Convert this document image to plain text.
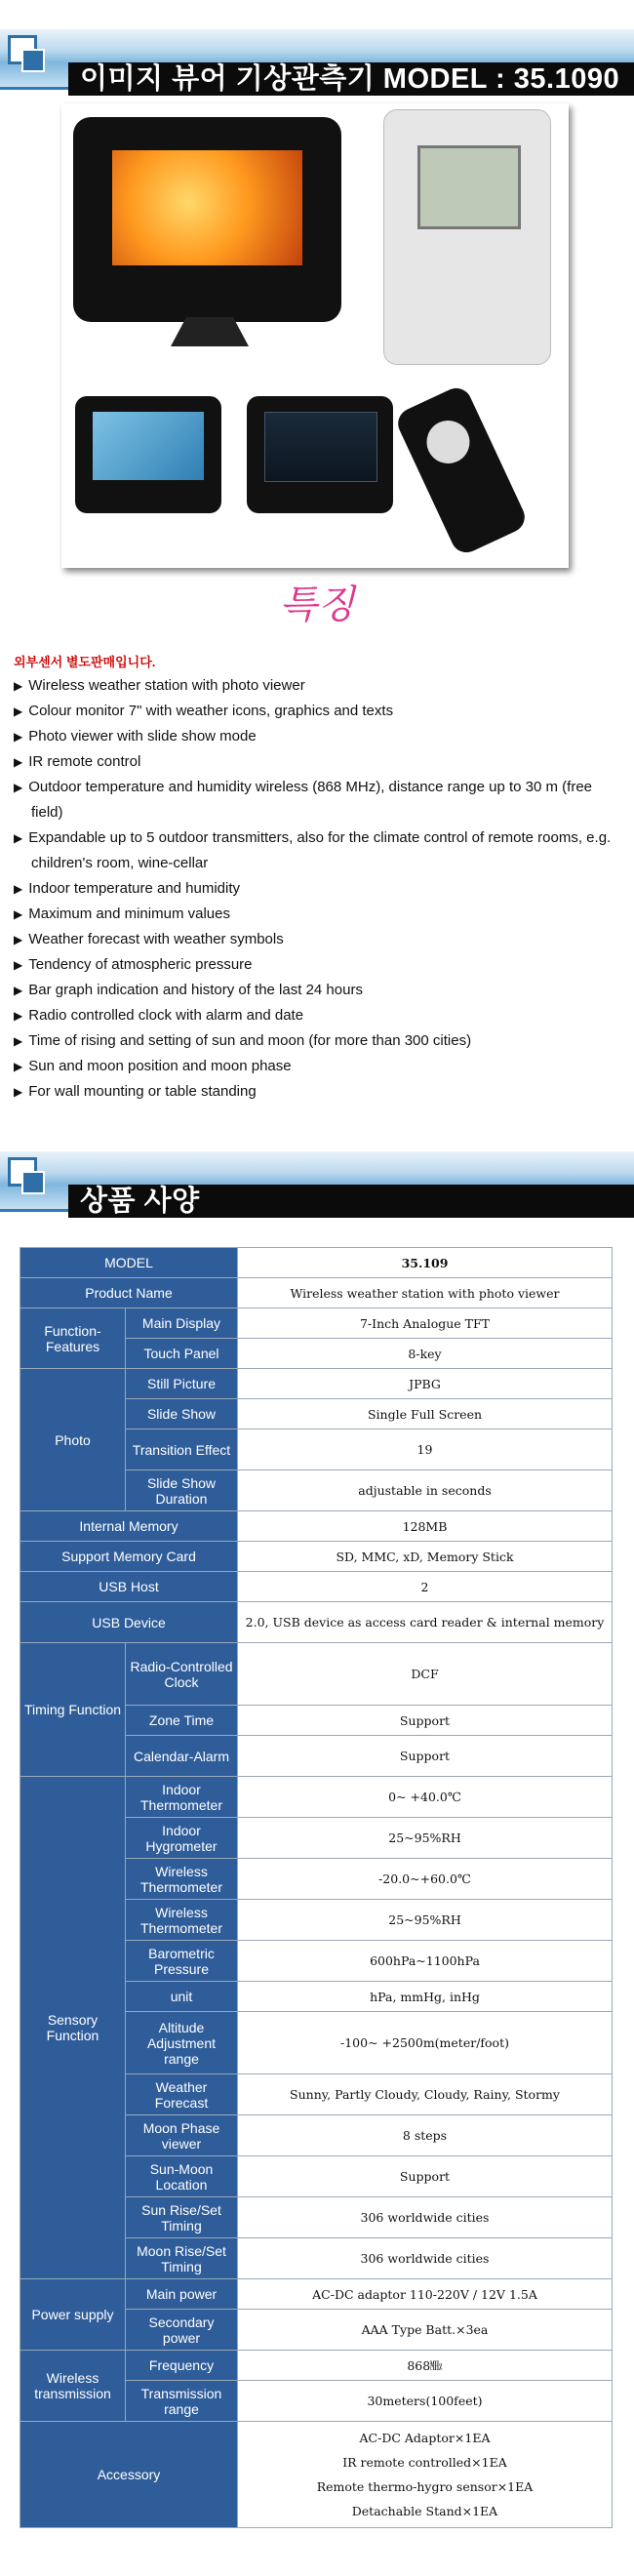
이미지 뷰어 기상관측기 MODEL : 35.1090
특징
외부센서 별도판매입니다.
▶ Wireless weather station with photo viewer
▶ Colour monitor 7" with weather icons, graphics and texts
▶ Photo viewer with slide show mode
▶ IR remote control
▶ Outdoor temperature and humidity wireless (868 MHz), distance range up to 30 m (free field)
▶ Expandable up to 5 outdoor transmitters, also for the climate control of remote rooms, e.g. children's room, wine-cellar
▶ Indoor temperature and humidity
▶ Maximum and minimum values
▶ Weather forecast with weather symbols
▶ Tendency of atmospheric pressure
▶ Bar graph indication and history of the last 24 hours
▶ Radio controlled clock with alarm and date
▶ Time of rising and setting of sun and moon (for more than 300 cities)
▶ Sun and moon position and moon phase
▶ For wall mounting or table standing
상품 사양
MODEL		35.109
Product Name		Wireless weather station with photo viewer
Function-Features	Main Display	7-Inch Analogue TFT
	Touch Panel	8-key
Photo	Still Picture	JPBG
	Slide Show	Single Full Screen
	Transition Effect	19
	Slide Show Duration	adjustable in seconds
Internal Memory		128MB
Support Memory Card		SD, MMC, xD, Memory Stick
USB Host		2
USB Device		2.0, USB device as access card reader & internal memory
Timing Function	Radio-Controlled Clock	DCF
	Zone Time	Support
	Calendar-Alarm	Support
Sensory Function	Indoor Thermometer	0~ +40.0℃
	Indoor Hygrometer	25~95%RH
	Wireless Thermometer	-20.0~+60.0℃
	Wireless Thermometer	25~95%RH
	Barometric Pressure	600hPa~1100hPa
	unit	hPa, mmHg, inHg
	Altitude Adjustment range	-100~ +2500m(meter/foot)
	Weather Forecast	Sunny, Partly Cloudy, Cloudy, Rainy, Stormy
	Moon Phase viewer	8 steps
	Sun-Moon Location	Support
	Sun Rise/Set Timing	306 worldwide cities
	Moon Rise/Set Timing	306 worldwide cities
Power supply	Main power	AC-DC adaptor 110-220V / 12V 1.5A
	Secondary power	AAA Type Batt.×3ea
Wireless transmission	Frequency	868㎒
	Transmission range	30meters(100feet)
Accessory		AC-DC Adaptor×1EA
IR remote controlled×1EA
Remote thermo-hygro sensor×1EA
Detachable Stand×1EA
